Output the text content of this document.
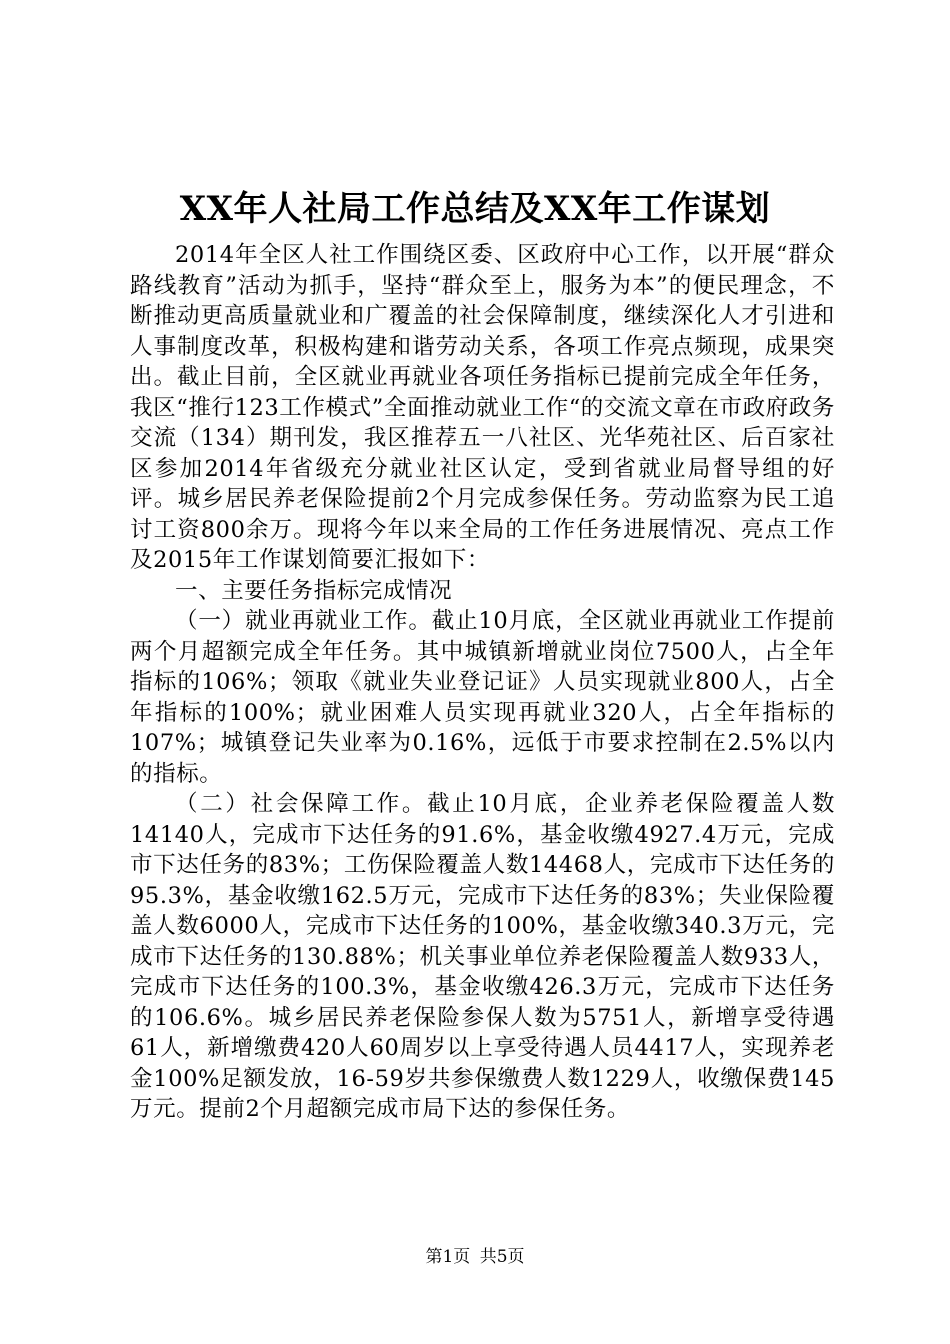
XX年人社局工作总结及XX年工作谋划

2014年全区人社工作围绕区委、区政府中心工作，以开展“群众路线教育”活动为抓手，坚持“群众至上，服务为本”的便民理念，不断推动更高质量就业和广覆盖的社会保障制度，继续深化人才引进和人事制度改革，积极构建和谐劳动关系，各项工作亮点频现，成果突出。截止目前，全区就业再就业各项任务指标已提前完成全年任务，我区“推行123工作模式”全面推动就业工作“的交流文章在市政府政务交流（134）期刊发，我区推荐五一八社区、光华苑社区、后百家社区参加2014年省级充分就业社区认定，受到省就业局督导组的好评。城乡居民养老保险提前2个月完成参保任务。劳动监察为民工追讨工资800余万。现将今年以来全局的工作任务进展情况、亮点工作及2015年工作谋划简要汇报如下：

一、主要任务指标完成情况

（一）就业再就业工作。截止10月底，全区就业再就业工作提前两个月超额完成全年任务。其中城镇新增就业岗位7500人，占全年指标的106%；领取《就业失业登记证》人员实现就业800人，占全年指标的100%；就业困难人员实现再就业320人，占全年指标的107%；城镇登记失业率为0.16%，远低于市要求控制在2.5%以内的指标。

（二）社会保障工作。截止10月底，企业养老保险覆盖人数14140人，完成市下达任务的91.6%，基金收缴4927.4万元，完成市下达任务的83%；工伤保险覆盖人数14468人，完成市下达任务的95.3%，基金收缴162.5万元，完成市下达任务的83%；失业保险覆盖人数6000人，完成市下达任务的100%，基金收缴340.3万元，完成市下达任务的130.88%；机关事业单位养老保险覆盖人数933人，完成市下达任务的100.3%，基金收缴426.3万元，完成市下达任务的106.6%。城乡居民养老保险参保人数为5751人，新增享受待遇61人，新增缴费420人60周岁以上享受待遇人员4417人，实现养老金100%足额发放，16-59岁共参保缴费人数1229人，收缴保费145万元。提前2个月超额完成市局下达的参保任务。

第1页 共5页
